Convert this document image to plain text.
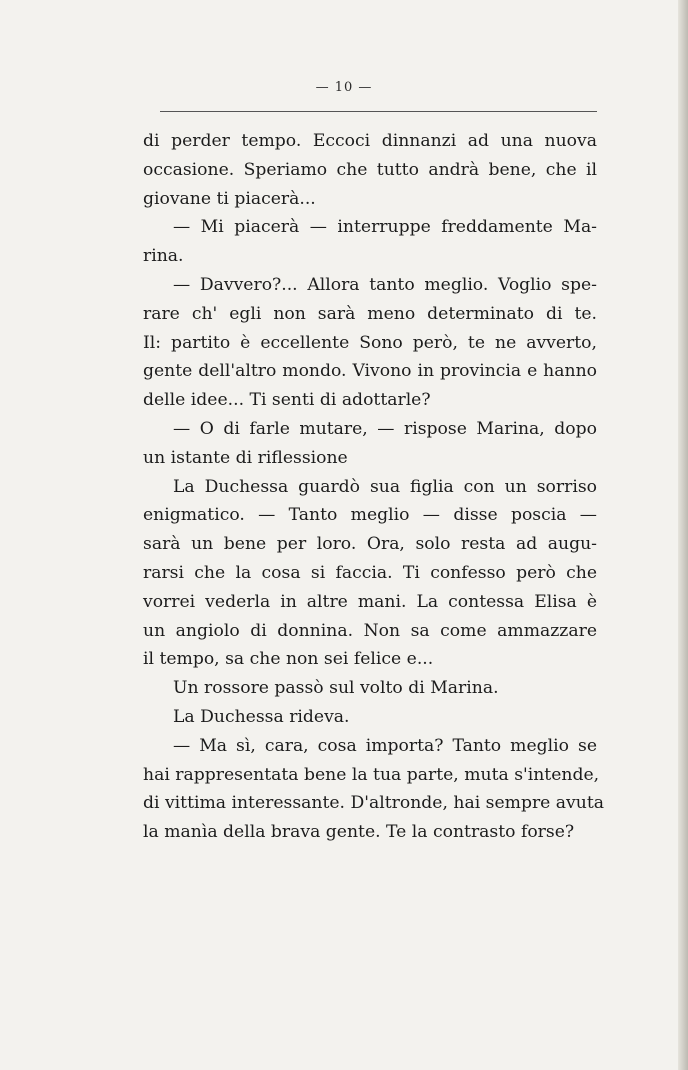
— 10 —
di perder tempo. Eccoci dinnanzi ad una nuova
occasione. Speriamo che tutto andrà bene, che il
giovane ti piacerà...
— Mi piacerà — interruppe freddamente Ma-
rina.
— Davvero?... Allora tanto meglio. Voglio spe-
rare ch' egli non sarà meno determinato di te.
Il: partito è eccellente Sono però, te ne avverto,
gente dell'altro mondo. Vivono in provincia e hanno
delle idee... Ti senti di adottarle?
— O di farle mutare, — rispose Marina, dopo
un istante di riflessione
La Duchessa guardò sua figlia con un sorriso
enigmatico. — Tanto meglio — disse poscia —
sarà un bene per loro. Ora, solo resta ad augu-
rarsi che la cosa si faccia. Ti confesso però che
vorrei vederla in altre mani. La contessa Elisa è
un angiolo di donnina. Non sa come ammazzare
il tempo, sa che non sei felice e...
Un rossore passò sul volto di Marina.
La Duchessa rideva.
— Ma sì, cara, cosa importa? Tanto meglio se
hai rappresentata bene la tua parte, muta s'intende,
di vittima interessante. D'altronde, hai sempre avuta
la manìa della brava gente. Te la contrasto forse?
